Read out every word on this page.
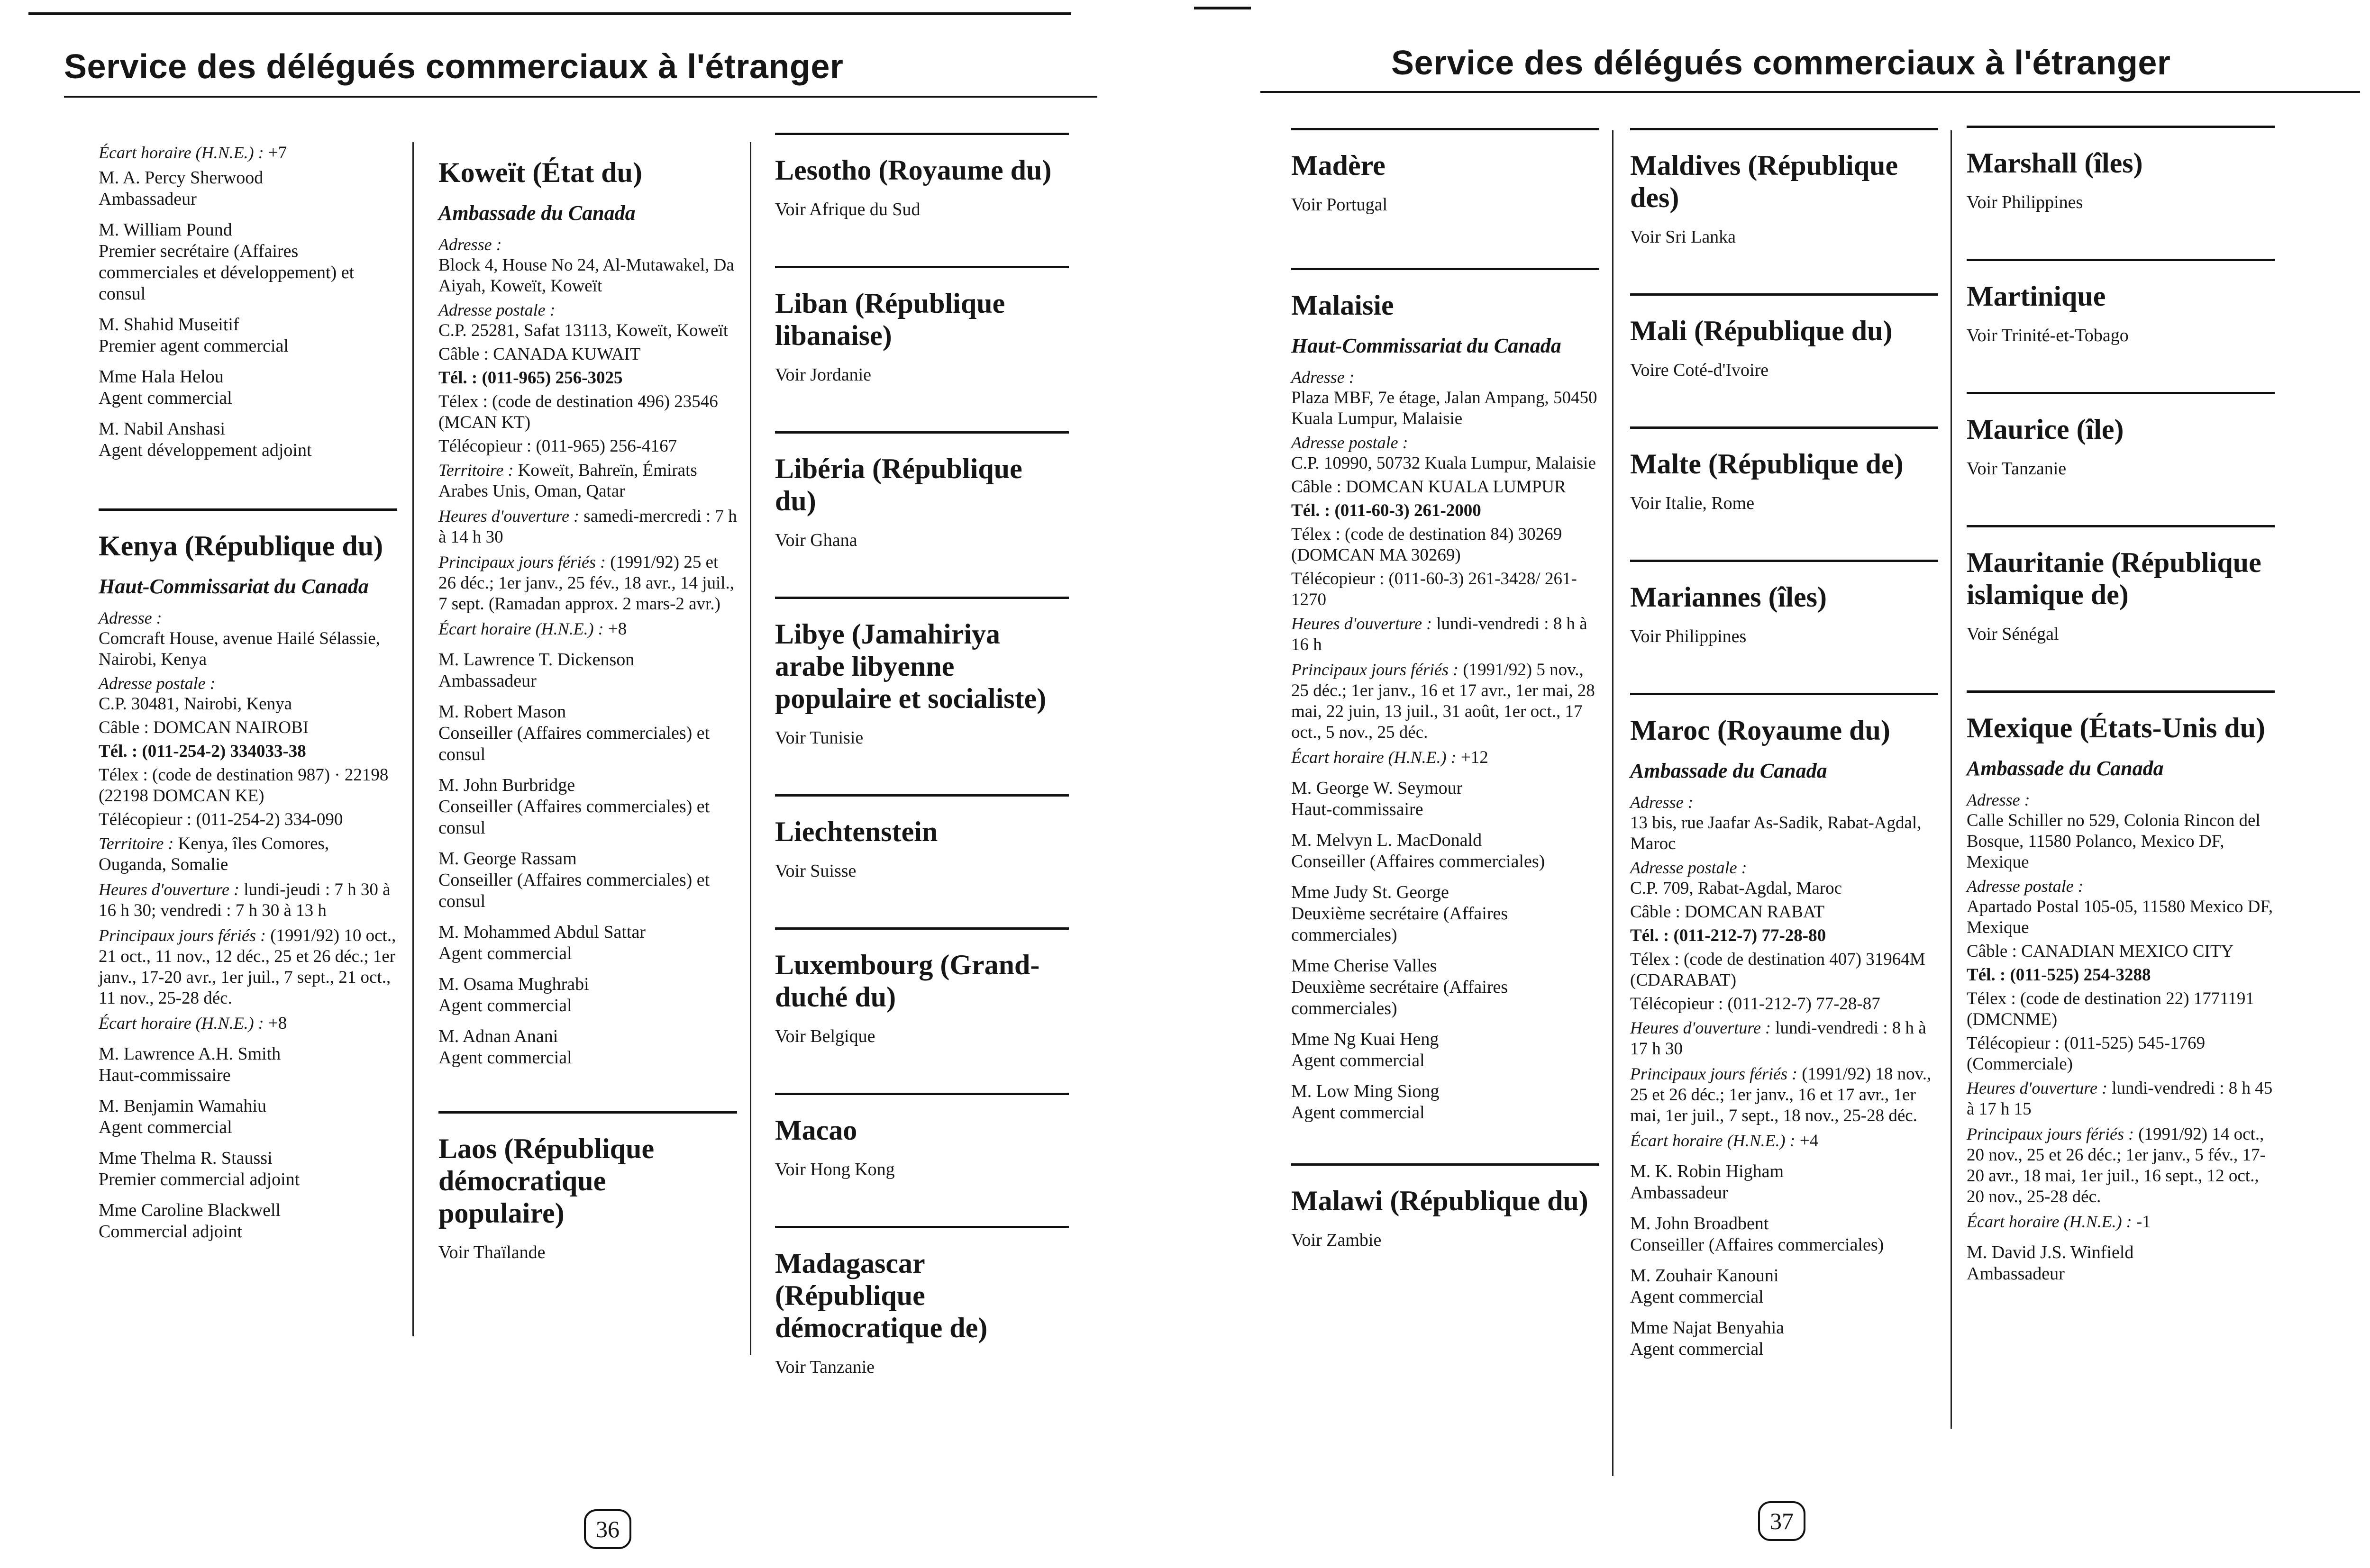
Service des délégués commerciaux à l'étranger

Écart horaire (H.N.E.) : +7

M. A. Percy Sherwood

Ambassadeur

M. William Pound

Premier secrétaire (Affaires commerciales et développement) et consul

M. Shahid Museitif

Premier agent commercial

Mme Hala Helou

Agent commercial

M. Nabil Anshasi

Agent développement adjoint

Kenya (République du)

Haut-Commissariat du Canada

Adresse :

Comcraft House, avenue Hailé Sélassie, Nairobi, Kenya

Adresse postale :

C.P. 30481, Nairobi, Kenya

Câble : DOMCAN NAIROBI

Tél. : (011-254-2) 334033-38

Télex : (code de destination 987) · 22198 (22198 DOMCAN KE)

Télécopieur : (011-254-2) 334-090

Territoire : Kenya, îles Comores, Ouganda, Somalie

Heures d'ouverture : lundi-jeudi : 7 h 30 à 16 h 30; vendredi : 7 h 30 à 13 h

Principaux jours fériés : (1991/92) 10 oct., 21 oct., 11 nov., 12 déc., 25 et 26 déc.; 1er janv., 17-20 avr., 1er juil., 7 sept., 21 oct., 11 nov., 25-28 déc.

Écart horaire (H.N.E.) : +8

M. Lawrence A.H. Smith

Haut-commissaire

M. Benjamin Wamahiu

Agent commercial

Mme Thelma R. Staussi

Premier commercial adjoint

Mme Caroline Blackwell

Commercial adjoint

Koweït (État du)

Ambassade du Canada

Adresse :

Block 4, House No 24, Al-Mutawakel, Da Aiyah, Koweït, Koweït

Adresse postale :

C.P. 25281, Safat 13113, Koweït, Koweït

Câble : CANADA KUWAIT

Tél. : (011-965) 256-3025

Télex : (code de destination 496) 23546 (MCAN KT)

Télécopieur : (011-965) 256-4167

Territoire : Koweït, Bahreïn, Émirats Arabes Unis, Oman, Qatar

Heures d'ouverture : samedi-mercredi : 7 h à 14 h 30

Principaux jours fériés : (1991/92) 25 et 26 déc.; 1er janv., 25 fév., 18 avr., 14 juil., 7 sept. (Ramadan approx. 2 mars-2 avr.)

Écart horaire (H.N.E.) : +8

M. Lawrence T. Dickenson

Ambassadeur

M. Robert Mason

Conseiller (Affaires commerciales) et consul

M. John Burbridge

Conseiller (Affaires commerciales) et consul

M. George Rassam

Conseiller (Affaires commerciales) et consul

M. Mohammed Abdul Sattar

Agent commercial

M. Osama Mughrabi

Agent commercial

M. Adnan Anani

Agent commercial

Laos (République démocratique populaire)

Voir Thaïlande

Lesotho (Royaume du)

Voir Afrique du Sud

Liban (République libanaise)

Voir Jordanie

Libéria (République du)

Voir Ghana

Libye (Jamahiriya arabe libyenne populaire et socialiste)

Voir Tunisie

Liechtenstein

Voir Suisse

Luxembourg (Grand-duché du)

Voir Belgique

Macao

Voir Hong Kong

Madagascar (République démocratique de)

Voir Tanzanie

36
Service des délégués commerciaux à l'étranger
Madère

Voir Portugal

Malaisie

Haut-Commissariat du Canada

Adresse :

Plaza MBF, 7e étage, Jalan Ampang, 50450 Kuala Lumpur, Malaisie

Adresse postale :

C.P. 10990, 50732 Kuala Lumpur, Malaisie

Câble : DOMCAN KUALA LUMPUR

Tél. : (011-60-3) 261-2000

Télex : (code de destination 84) 30269 (DOMCAN MA 30269)

Télécopieur : (011-60-3) 261-3428/ 261-1270

Heures d'ouverture : lundi-vendredi : 8 h à 16 h

Principaux jours fériés : (1991/92) 5 nov., 25 déc.; 1er janv., 16 et 17 avr., 1er mai, 28 mai, 22 juin, 13 juil., 31 août, 1er oct., 17 oct., 5 nov., 25 déc.

Écart horaire (H.N.E.) : +12

M. George W. Seymour

Haut-commissaire

M. Melvyn L. MacDonald

Conseiller (Affaires commerciales)

Mme Judy St. George

Deuxième secrétaire (Affaires commerciales)

Mme Cherise Valles

Deuxième secrétaire (Affaires commerciales)

Mme Ng Kuai Heng

Agent commercial

M. Low Ming Siong

Agent commercial

Malawi (République du)

Voir Zambie

Maldives (République des)

Voir Sri Lanka

Mali (République du)

Voire Coté-d'Ivoire

Malte (République de)

Voir Italie, Rome

Mariannes (îles)

Voir Philippines

Maroc (Royaume du)

Ambassade du Canada

Adresse :

13 bis, rue Jaafar As-Sadik, Rabat-Agdal, Maroc

Adresse postale :

C.P. 709, Rabat-Agdal, Maroc

Câble : DOMCAN RABAT

Tél. : (011-212-7) 77-28-80

Télex : (code de destination 407) 31964M (CDARABAT)

Télécopieur : (011-212-7) 77-28-87

Heures d'ouverture : lundi-vendredi : 8 h à 17 h 30

Principaux jours fériés : (1991/92) 18 nov., 25 et 26 déc.; 1er janv., 16 et 17 avr., 1er mai, 1er juil., 7 sept., 18 nov., 25-28 déc.

Écart horaire (H.N.E.) : +4

M. K. Robin Higham

Ambassadeur

M. John Broadbent

Conseiller (Affaires commerciales)

M. Zouhair Kanouni

Agent commercial

Mme Najat Benyahia

Agent commercial

Marshall (îles)

Voir Philippines

Martinique

Voir Trinité-et-Tobago

Maurice (île)

Voir Tanzanie

Mauritanie (République islamique de)

Voir Sénégal

Mexique (États-Unis du)

Ambassade du Canada

Adresse :

Calle Schiller no 529, Colonia Rincon del Bosque, 11580 Polanco, Mexico DF, Mexique

Adresse postale :

Apartado Postal 105-05, 11580 Mexico DF, Mexique

Câble : CANADIAN MEXICO CITY

Tél. : (011-525) 254-3288

Télex : (code de destination 22) 1771191 (DMCNME)

Télécopieur : (011-525) 545-1769 (Commerciale)

Heures d'ouverture : lundi-vendredi : 8 h 45 à 17 h 15

Principaux jours fériés : (1991/92) 14 oct., 20 nov., 25 et 26 déc.; 1er janv., 5 fév., 17-20 avr., 18 mai, 1er juil., 16 sept., 12 oct., 20 nov., 25-28 déc.

Écart horaire (H.N.E.) : -1

M. David J.S. Winfield

Ambassadeur

37
